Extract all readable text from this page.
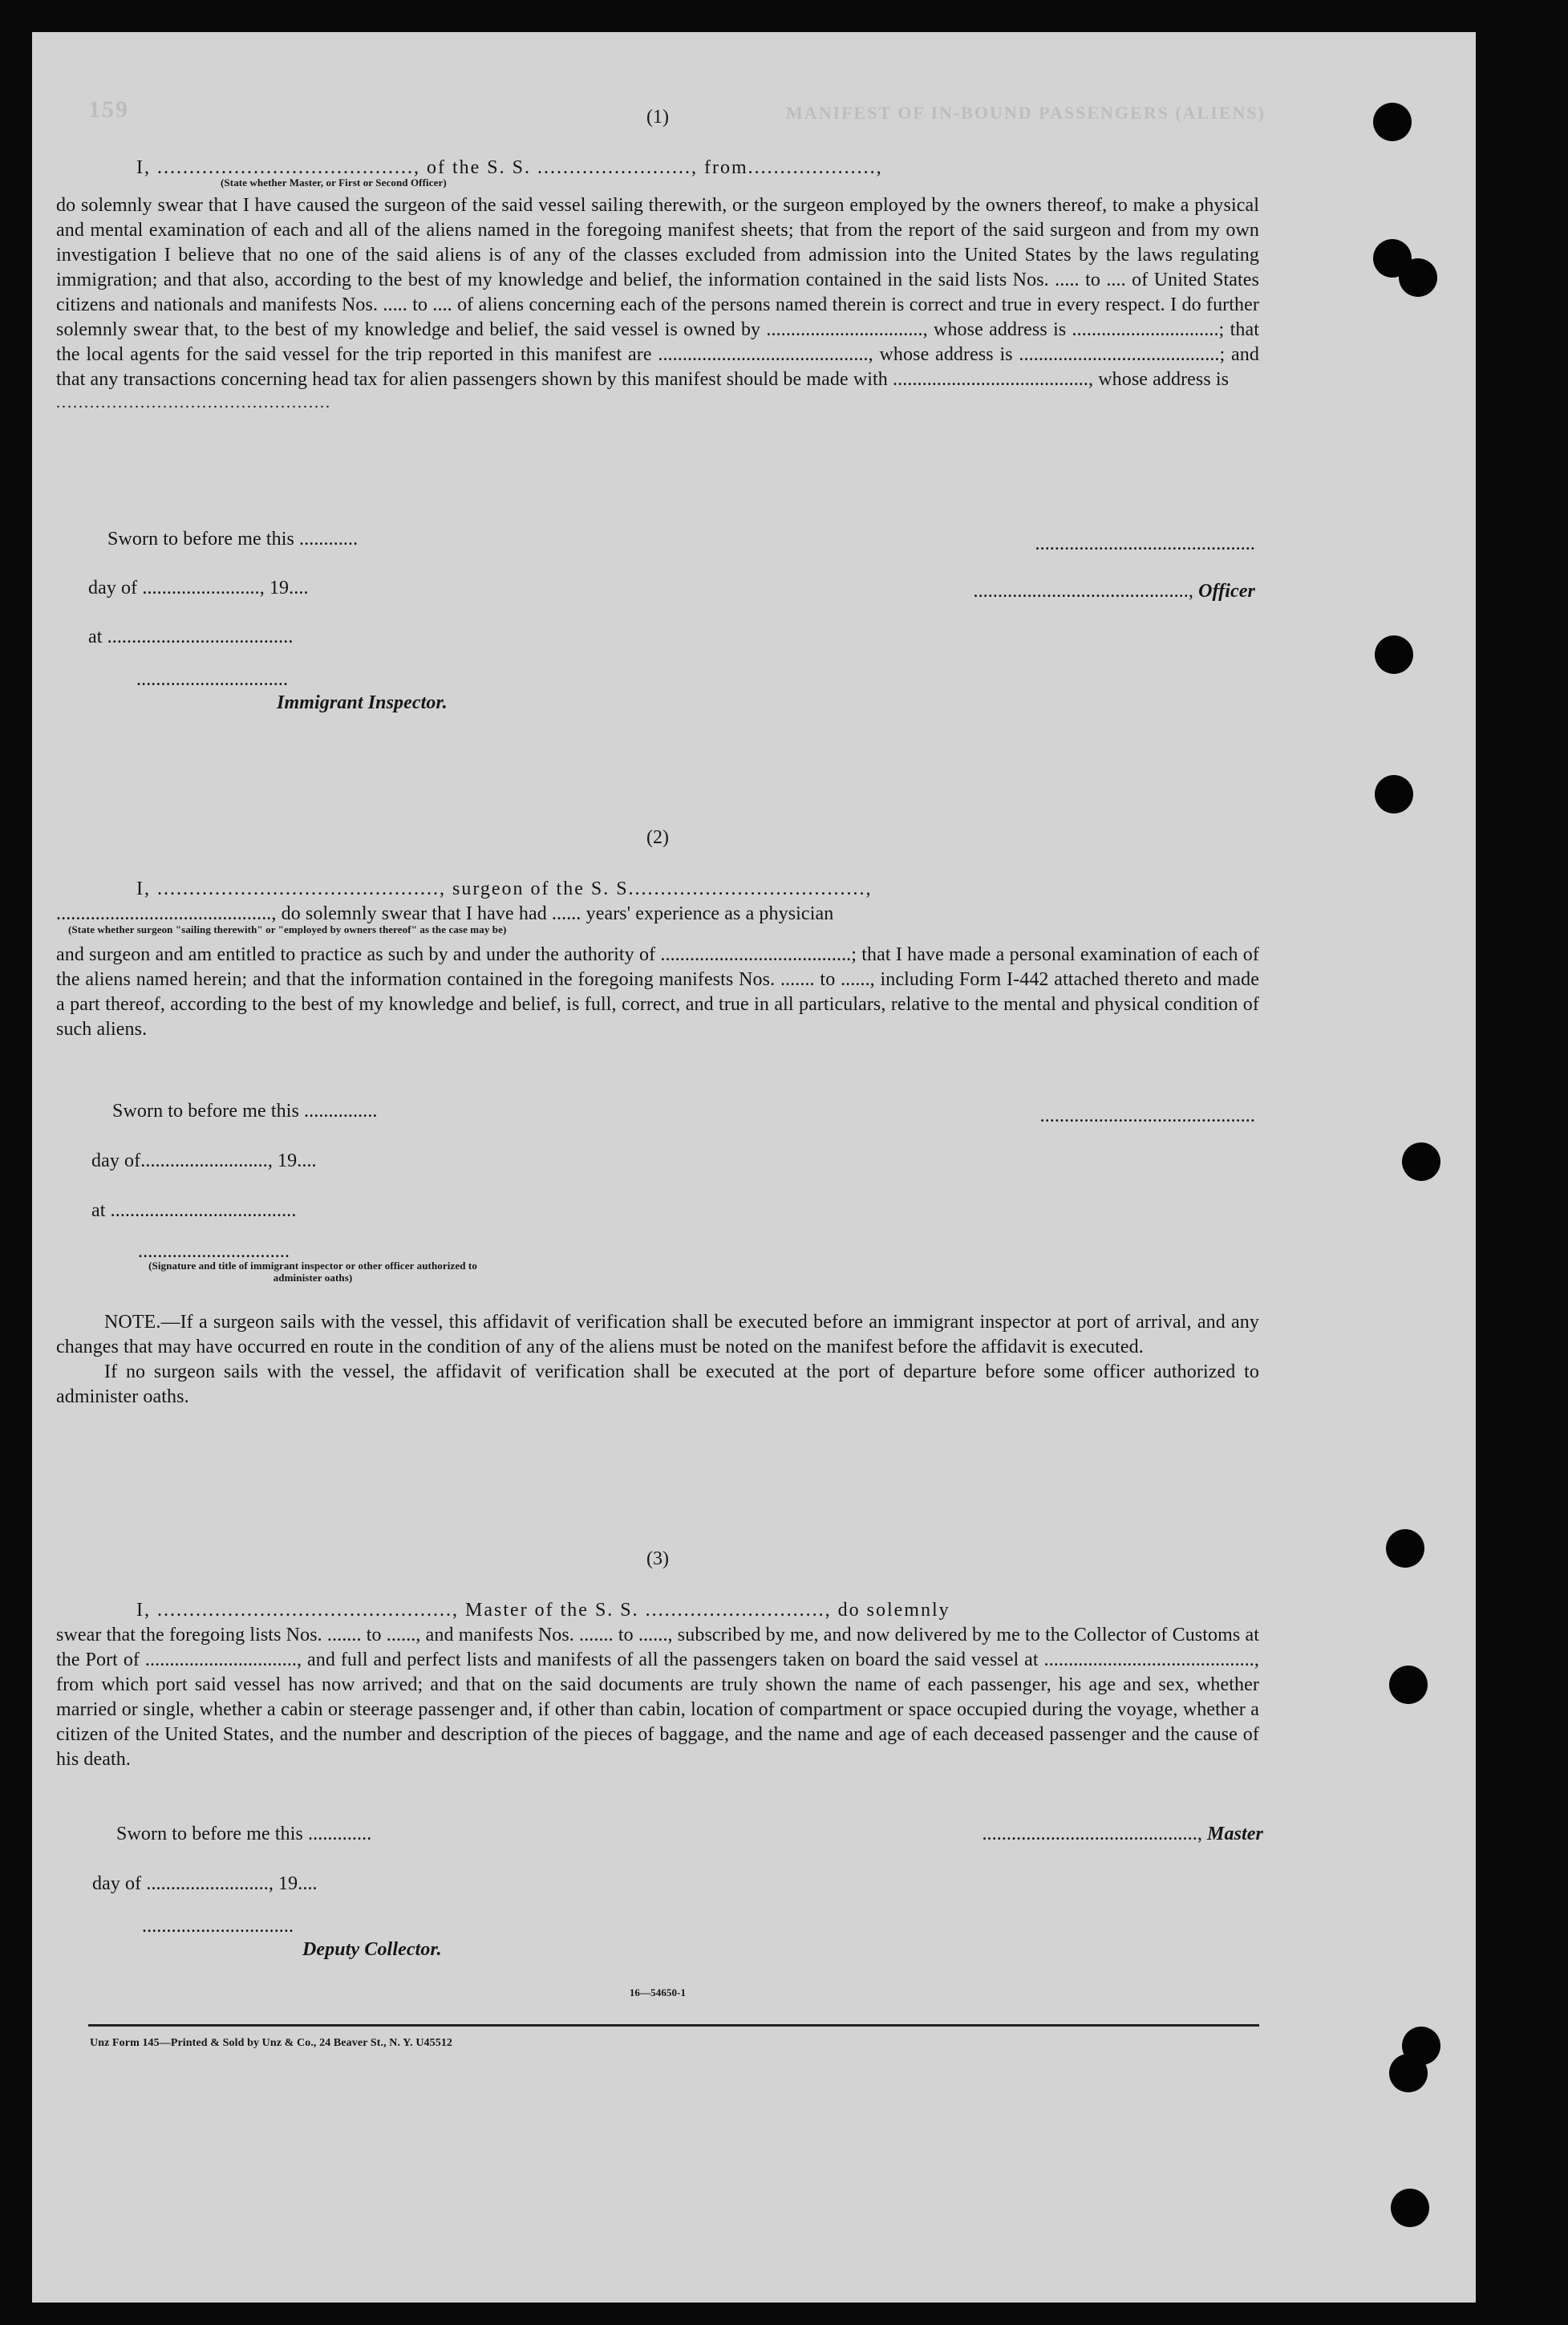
159	MANIFEST OF IN-BOUND PASSENGERS (ALIENS)
(1)
I, ........................................, of the S. S. ........................, from....................,
(State whether Master, or First or Second Officer)
do solemnly swear that I have caused the surgeon of the said vessel sailing therewith, or the surgeon employed by the owners thereof, to make a physical and mental examination of each and all of the aliens named in the foregoing manifest sheets; that from the report of the said surgeon and from my own investigation I believe that no one of the said aliens is of any of the classes excluded from admission into the United States by the laws regulating immigration; and that also, according to the best of my knowledge and belief, the information contained in the said lists Nos. ..... to .... of United States citizens and nationals and manifests Nos. ..... to .... of aliens concerning each of the persons named therein is correct and true in every respect. I do further solemnly swear that, to the best of my knowledge and belief, the said vessel is owned by ................................, whose address is ..............................; that the local agents for the said vessel for the trip reported in this manifest are ..........................................., whose address is .........................................; and that any transactions concerning head tax for alien passengers shown by this manifest should be made with ........................................, whose address is
.................................................
Sworn to before me this ............
day of ........................, 19....
at ......................................
...............................
Immigrant Inspector.
.............................................
............................................, Officer
(2)
I, ............................................, surgeon of the S. S.....................................,
............................................, do solemnly swear that I have had ...... years' experience as a physician
(State whether surgeon "sailing therewith" or "employed by owners thereof" as the case may be)
and surgeon and am entitled to practice as such by and under the authority of .......................................; that I have made a personal examination of each of the aliens named herein; and that the information contained in the foregoing manifests Nos. ....... to ......, including Form I-442 attached thereto and made a part thereof, according to the best of my knowledge and belief, is full, correct, and true in all particulars, relative to the mental and physical condition of such aliens.
Sworn to before me this ...............
day of.........................., 19....
at ......................................
...............................
(Signature and title of immigrant inspector or other officer authorized to administer oaths)
............................................

NOTE.—If a surgeon sails with the vessel, this affidavit of verification shall be executed before an immigrant inspector at port of arrival, and any changes that may have occurred en route in the condition of any of the aliens must be noted on the manifest before the affidavit is executed.

If no surgeon sails with the vessel, the affidavit of verification shall be executed at the port of departure before some officer authorized to administer oaths.

(3)
I, .............................................., Master of the S. S. ............................, do solemnly
swear that the foregoing lists Nos. ....... to ......, and manifests Nos. ....... to ......, subscribed by me, and now delivered by me to the Collector of Customs at the Port of ..............................., and full and perfect lists and manifests of all the passengers taken on board the said vessel at ..........................................., from which port said vessel has now arrived; and that on the said documents are truly shown the name of each passenger, his age and sex, whether married or single, whether a cabin or steerage passenger and, if other than cabin, location of compartment or space occupied during the voyage, whether a citizen of the United States, and the number and description of the pieces of baggage, and the name and age of each deceased passenger and the cause of his death.
Sworn to before me this .............
day of ........................., 19....
...............................
Deputy Collector.
............................................, Master
16—54650-1
Unz Form 145—Printed & Sold by Unz & Co., 24 Beaver St., N. Y. U45512
